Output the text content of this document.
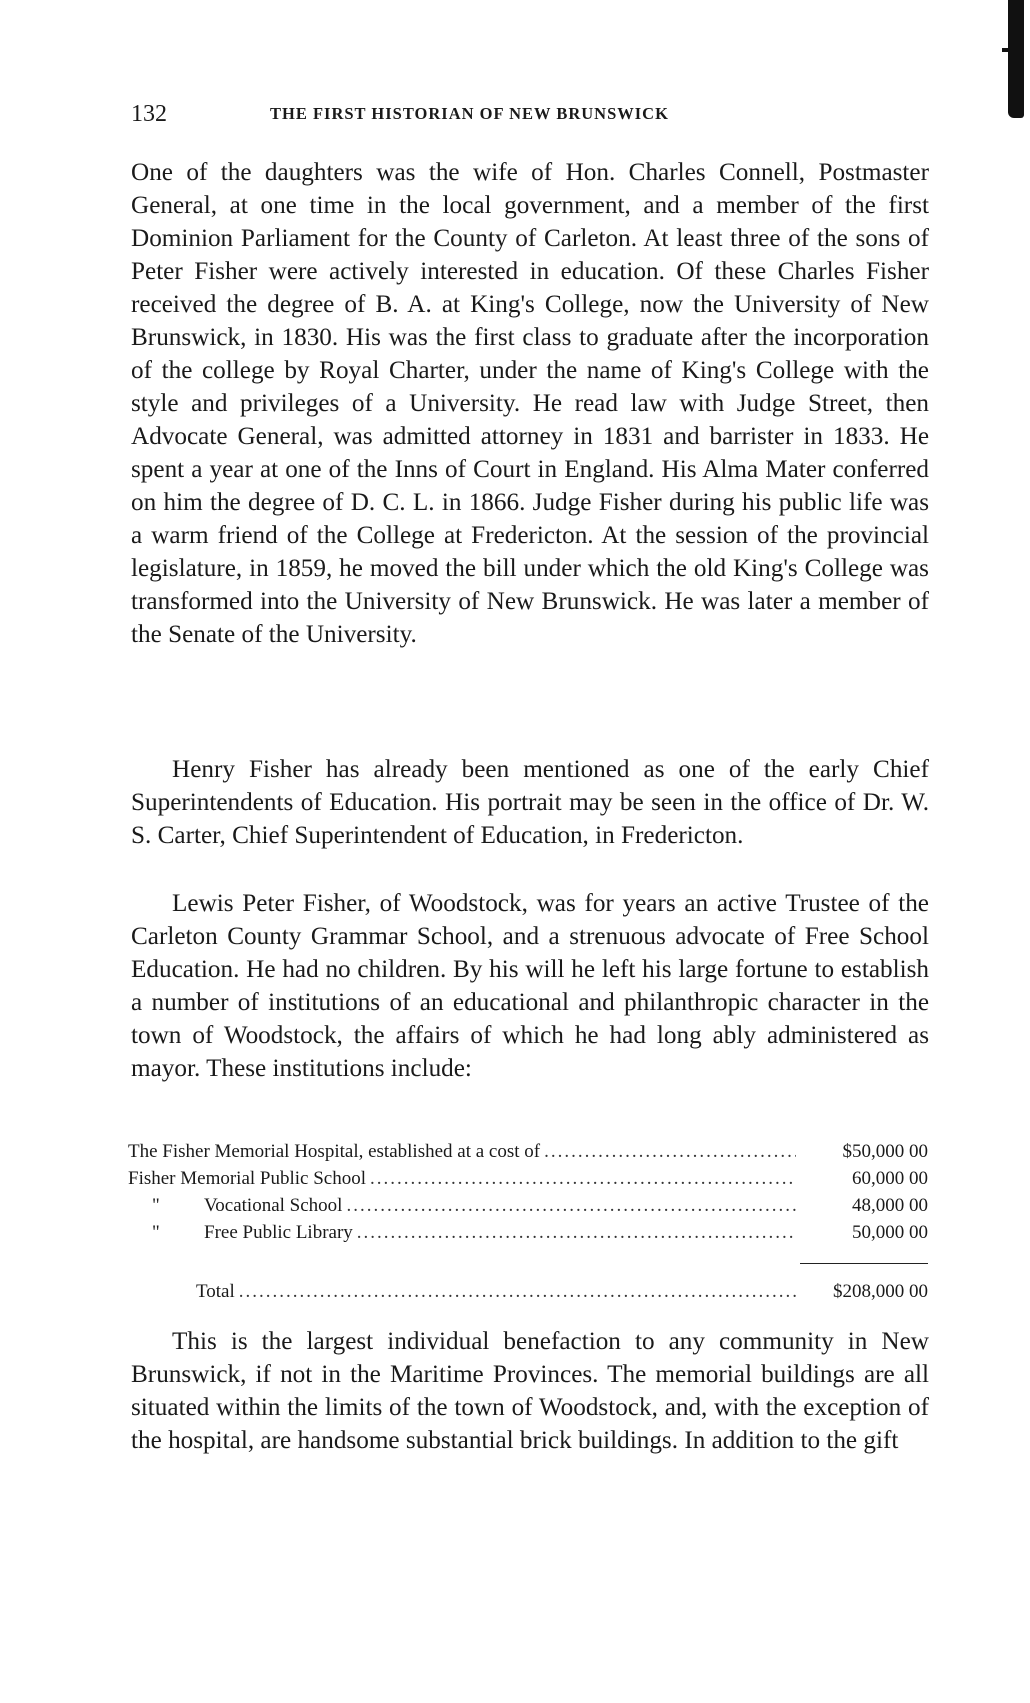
132	THE FIRST HISTORIAN OF NEW BRUNSWICK

One of the daughters was the wife of Hon. Charles Connell, Postmaster General, at one time in the local government, and a member of the first Dominion Parliament for the County of Carleton. At least three of the sons of Peter Fisher were actively interested in education. Of these Charles Fisher received the degree of B. A. at King's College, now the University of New Brunswick, in 1830. His was the first class to graduate after the incorporation of the college by Royal Charter, under the name of King's College with the style and privileges of a University. He read law with Judge Street, then Advocate General, was admitted attorney in 1831 and barrister in 1833. He spent a year at one of the Inns of Court in England. His Alma Mater conferred on him the degree of D. C. L. in 1866. Judge Fisher during his public life was a warm friend of the College at Fredericton. At the session of the provincial legislature, in 1859, he moved the bill under which the old King's College was transformed into the University of New Brunswick. He was later a member of the Senate of the University.

Henry Fisher has already been mentioned as one of the early Chief Superintendents of Education. His portrait may be seen in the office of Dr. W. S. Carter, Chief Superintendent of Education, in Fredericton.

Lewis Peter Fisher, of Woodstock, was for years an active Trustee of the Carleton County Grammar School, and a strenuous advocate of Free School Education. He had no children. By his will he left his large fortune to establish a number of institutions of an educational and philanthropic character in the town of Woodstock, the affairs of which he had long ably administered as mayor. These institutions include:

The Fisher Memorial Hospital, established at a cost of .....	$50,000 00
Fisher Memorial Public School .....	60,000 00
"	Vocational School .....	48,000 00
"	Free Public Library .....	50,000 00
Total .....	$208,000 00

This is the largest individual benefaction to any community in New Brunswick, if not in the Maritime Provinces. The memorial buildings are all situated within the limits of the town of Woodstock, and, with the exception of the hospital, are handsome substantial brick buildings. In addition to the gift
